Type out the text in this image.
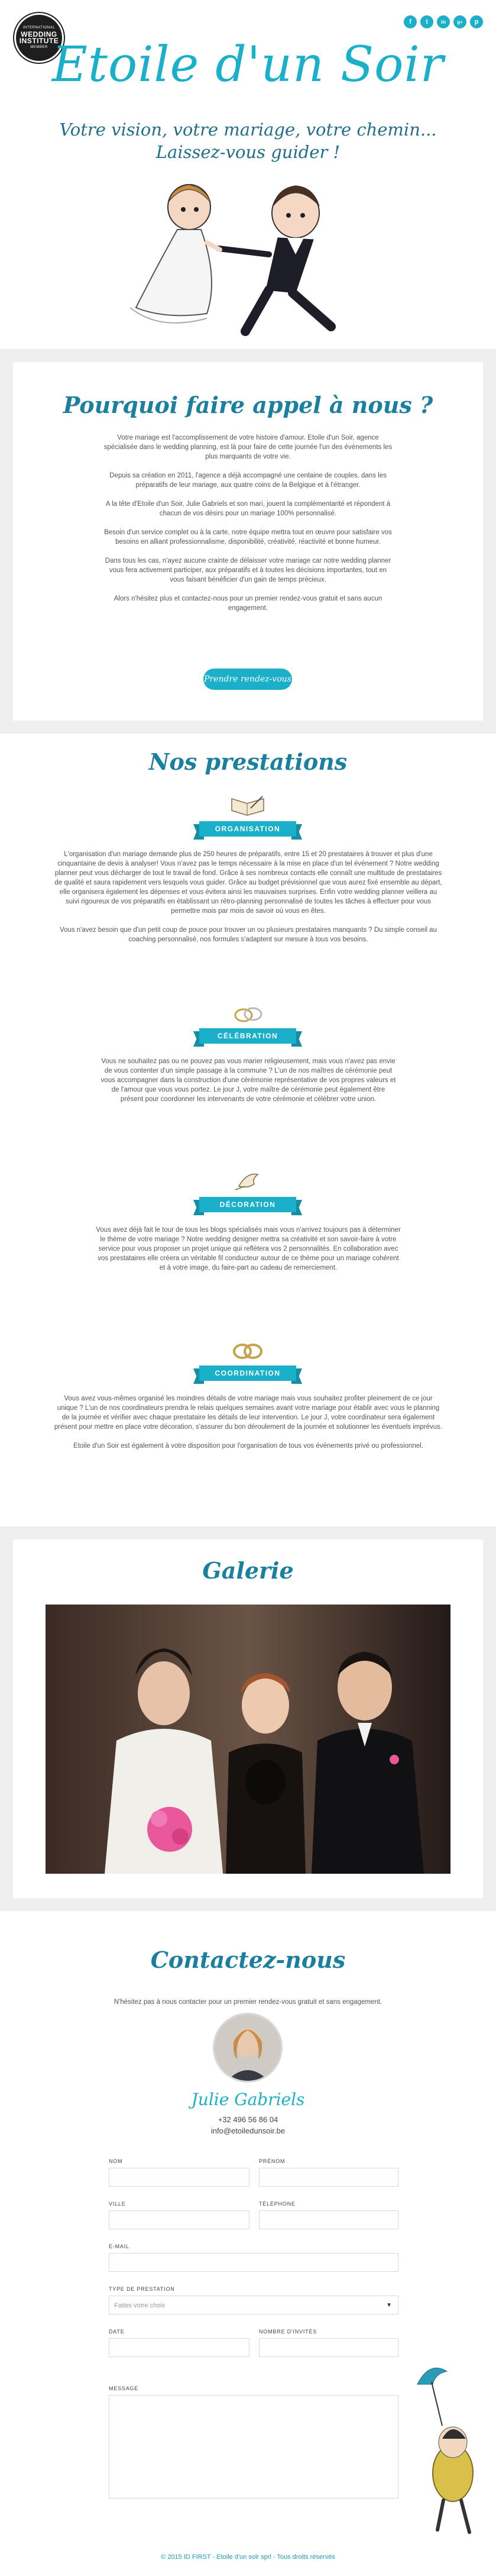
INTERNATIONAL
WEDDING
INSTITUTE
MEMBER
f	t	in	g+	p
Etoile d'un Soir
Votre vision, votre mariage, votre chemin...
Laissez-vous guider !
Pourquoi faire appel à nous ?

Votre mariage est l'accomplissement de votre histoire d'amour. Etoile d'un Soir, agence spécialisée dans le wedding planning, est là pour faire de cette journée l'un des événements les plus marquants de votre vie.

Depuis sa création en 2011, l'agence a déjà accompagné une centaine de couples, dans les préparatifs de leur mariage, aux quatre coins de la Belgique et à l'étranger.

A la tête d'Etoile d'un Soir, Julie Gabriels et son mari, jouent la complémentarité et répondent à chacun de vos désirs pour un mariage 100% personnalisé.

Besoin d'un service complet ou à la carte, notre équipe mettra tout en œuvre pour satisfaire vos besoins en alliant professionnalisme, disponibilité, créativité, réactivité et bonne humeur.

Dans tous les cas, n'ayez aucune crainte de délaisser votre mariage car notre wedding planner vous fera activement participer, aux préparatifs et à toutes les décisions importantes, tout en vous faisant bénéficier d'un gain de temps précieux.

Alors n'hésitez plus et contactez-nous pour un premier rendez-vous gratuit et sans aucun engagement.

Prendre rendez-vous
Nos prestations
ORGANISATION

L'organisation d'un mariage demande plus de 250 heures de préparatifs, entre 15 et 20 prestataires à trouver et plus d'une cinquantaine de devis à analyser! Vous n'avez pas le temps nécessaire à la mise en place d'un tel événement ? Notre wedding planner peut vous décharger de tout le travail de fond. Grâce à ses nombreux contacts elle connaît une multitude de prestataires de qualité et saura rapidement vers lesquels vous guider. Grâce au budget prévisionnel que vous aurez fixé ensemble au départ, elle organisera également les dépenses et vous évitera ainsi les mauvaises surprises. Enfin votre wedding planner veillera au suivi rigoureux de vos préparatifs en établissant un rétro-planning personnalisé de toutes les tâches à effectuer pour vous permettre mois par mois de savoir où vous en êtes.

Vous n'avez besoin que d'un petit coup de pouce pour trouver un ou plusieurs prestataires manquants ? Du simple conseil au coaching personnalisé, nos formules s'adaptent sur mesure à tous vos besoins.

CÉLÉBRATION

Vous ne souhaitez pas ou ne pouvez pas vous marier religieusement, mais vous n'avez pas envie de vous contenter d'un simple passage à la commune ? L'un de nos maîtres de cérémonie peut vous accompagner dans la construction d'une cérémonie représentative de vos propres valeurs et de l'amour que vous vous portez. Le jour J, votre maître de cérémonie peut également être présent pour coordonner les intervenants de votre cérémonie et célébrer votre union.

DÉCORATION

Vous avez déjà fait le tour de tous les blogs spécialisés mais vous n'arrivez toujours pas à déterminer le thème de votre mariage ? Notre wedding designer mettra sa créativité et son savoir-faire à votre service pour vous proposer un projet unique qui reflètera vos 2 personnalités. En collaboration avec vos prestataires elle créera un véritable fil conducteur autour de ce thème pour un mariage cohérent et à votre image, du faire-part au cadeau de remerciement.

COORDINATION

Vous avez vous-mêmes organisé les moindres détails de votre mariage mais vous souhaitez profiter pleinement de ce jour unique ? L'un de nos coordinateurs prendra le relais quelques semaines avant votre mariage pour établir avec vous le planning de la journée et vérifier avec chaque prestataire les détails de leur intervention. Le jour J, votre coordinateur sera également présent pour mettre en place votre décoration, s'assurer du bon déroulement de la journée et solutionner les éventuels imprévus.

Etoile d'un Soir est également à votre disposition pour l'organisation de tous vos événements privé ou professionnel.

Galerie
Contactez-nous
N'hésitez pas à nous contacter pour un premier rendez-vous gratuit et sans engagement.
Julie Gabriels
+32 496 56 86 04
info@etoiledunsoir.be
NOM	PRÉNOM
VILLE	TÉLÉPHONE
E-MAIL
TYPE DE PRESTATION
Faites votre choix	▼
DATE	NOMBRE D'INVITÉS
MESSAGE
© 2015 ID FIRST - Etoile d'un soir sprl - Tous droits réservés
